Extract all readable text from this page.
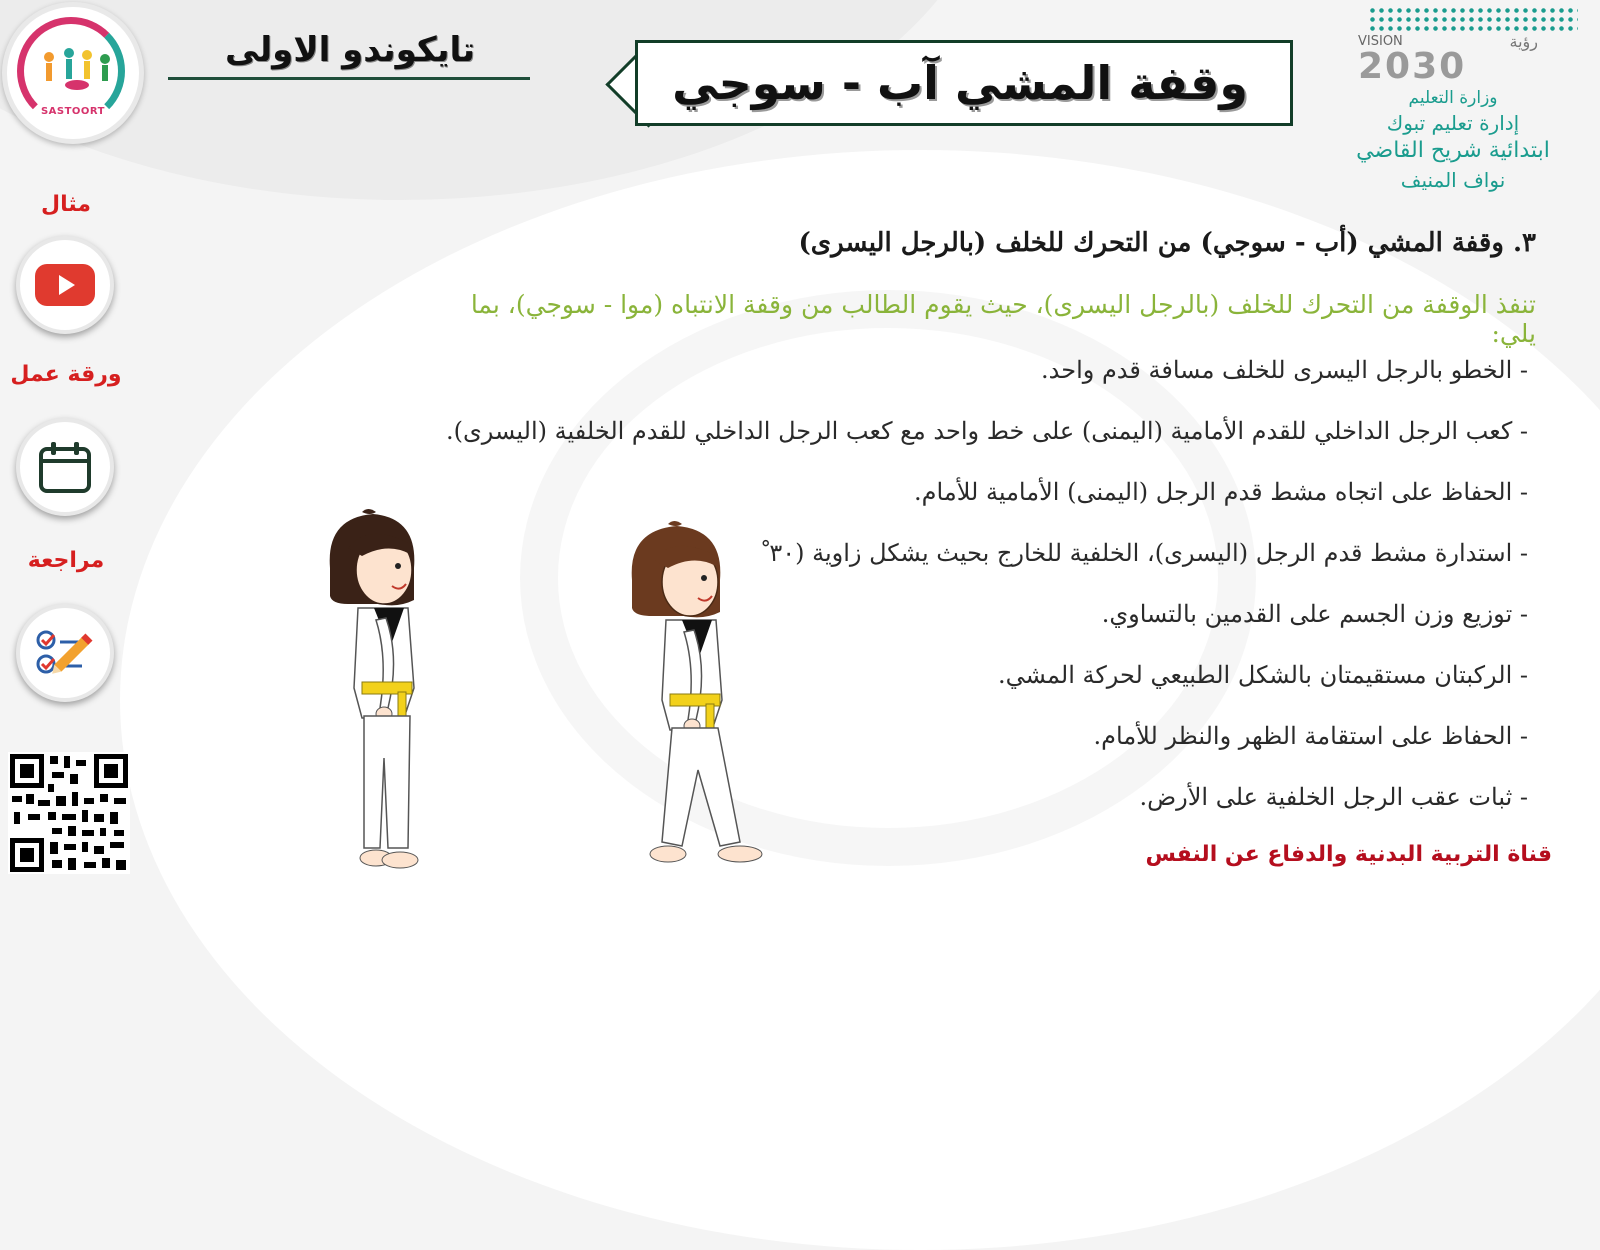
SASTOORT
تايكوندو الاولى
وقفة المشي آب - سوجي
VISION	رؤية
2030
وزارة التعليم
إدارة تعليم تبوك
ابتدائية شريح القاضي
نواف المنيف
مثال
ورقة عمل
مراجعة
٣. وقفة المشي (أب - سوجي) من التحرك للخلف (بالرجل اليسرى)
تنفذ الوقفة من التحرك للخلف (بالرجل اليسرى)، حيث يقوم الطالب من وقفة الانتباه (موا - سوجي)، بما يلي:
- الخطو بالرجل اليسرى للخلف مسافة قدم واحد.
- كعب الرجل الداخلي للقدم الأمامية (اليمنى) على خط واحد مع كعب الرجل الداخلي للقدم الخلفية (اليسرى).
- الحفاظ على اتجاه مشط قدم الرجل (اليمنى) الأمامية للأمام.
- استدارة مشط قدم الرجل (اليسرى)، الخلفية للخارج بحيث يشكل زاوية (٣٠ ْ
- توزيع وزن الجسم على القدمين بالتساوي.
- الركبتان مستقيمتان بالشكل الطبيعي لحركة المشي.
- الحفاظ على استقامة الظهر والنظر للأمام.
- ثبات عقب الرجل الخلفية على الأرض.
قناة التربية البدنية والدفاع عن النفس
